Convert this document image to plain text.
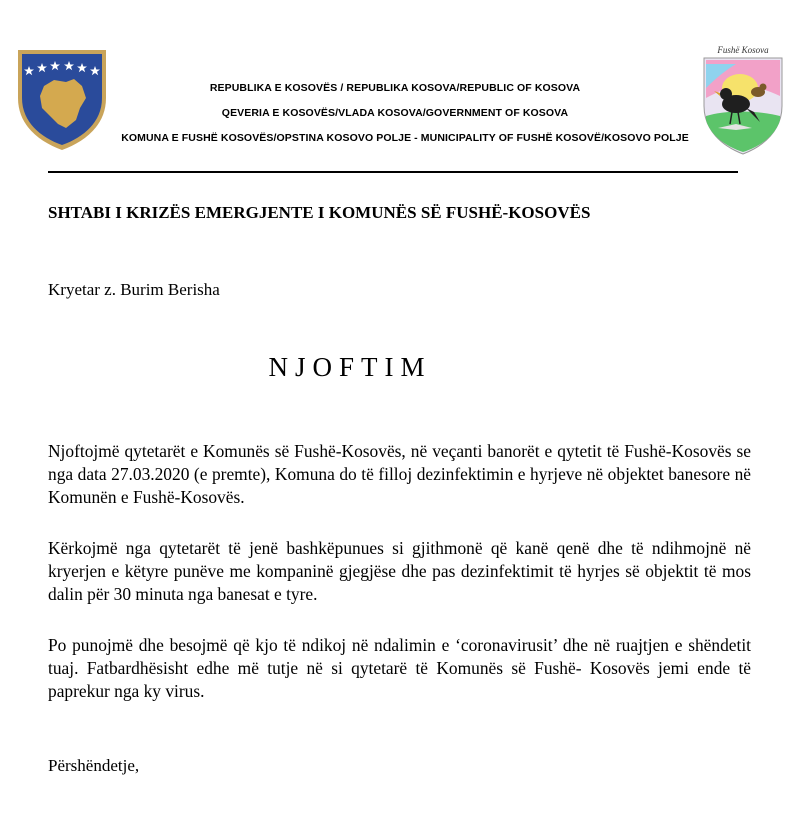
REPUBLIKA E KOSOVËS / REPUBLIKA KOSOVA/REPUBLIC OF KOSOVA
QEVERIA E KOSOVËS/VLADA KOSOVA/GOVERNMENT OF KOSOVA
KOMUNA E FUSHË KOSOVËS/OPSTINA KOSOVO POLJE - MUNICIPALITY OF FUSHË KOSOVË/KOSOVO POLJE
Fushë Kosova
SHTABI I KRIZËS EMERGJENTE I KOMUNËS SË FUSHË-KOSOVËS
Kryetar z. Burim Berisha
NJOFTIM
Njoftojmë qytetarët e Komunës së Fushë-Kosovës, në veçanti banorët e qytetit të Fushë-Kosovës se nga data 27.03.2020 (e premte), Komuna do të filloj dezinfektimin e hyrjeve në objektet banesore në Komunën e Fushë-Kosovës.
Kërkojmë nga qytetarët të jenë bashkëpunues si gjithmonë që kanë qenë dhe të ndihmojnë në kryerjen e këtyre punëve me kompaninë gjegjëse dhe pas dezinfektimit të hyrjes së objektit të mos dalin për 30 minuta nga banesat e tyre.
Po punojmë dhe besojmë që kjo të ndikoj në ndalimin e ‘coronavirusit’ dhe në ruajtjen e shëndetit tuaj. Fatbardhësisht edhe më tutje në si qytetarë të Komunës së Fushë- Kosovës jemi ende të paprekur nga ky virus.
Përshëndetje,
